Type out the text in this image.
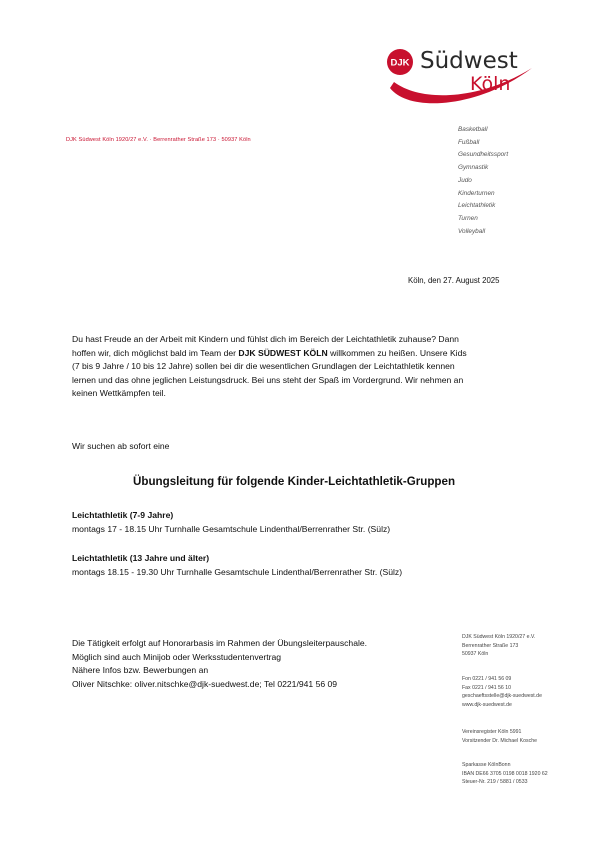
DJK Südwest
Köln
DJK Südwest Köln 1920/27 e.V. · Berrenrather Straße 173 · 50937 Köln
Basketball
Fußball
Gesundheitssport
Gymnastik
Judo
Kinderturnen
Leichtathletik
Turnen
Volleyball
Köln, den 27. August 2025
Du hast Freude an der Arbeit mit Kindern und fühlst dich im Bereich der Leichtathletik zuhause? Dann hoffen wir, dich möglichst bald im Team der DJK SÜDWEST KÖLN willkommen zu heißen. Unsere Kids (7 bis 9 Jahre / 10 bis 12 Jahre) sollen bei dir die wesentlichen Grundlagen der Leichtathletik kennen lernen und das ohne jeglichen Leistungsdruck. Bei uns steht der Spaß im Vordergrund. Wir nehmen an keinen Wettkämpfen teil.
Wir suchen ab sofort eine
Übungsleitung für folgende Kinder-Leichtathletik-Gruppen
Leichtathletik (7-9 Jahre)
montags 17 - 18.15 Uhr Turnhalle Gesamtschule Lindenthal/Berrenrather Str. (Sülz)
Leichtathletik (13 Jahre und älter)
montags 18.15 - 19.30 Uhr Turnhalle Gesamtschule Lindenthal/Berrenrather Str. (Sülz)
Die Tätigkeit erfolgt auf Honorarbasis im Rahmen der Übungsleiterpauschale.
Möglich sind auch Minijob oder Werksstudentenvertrag
Nähere Infos bzw. Bewerbungen an
Oliver Nitschke: oliver.nitschke@djk-suedwest.de; Tel 0221/941 56 09
DJK Südwest Köln 1920/27 e.V.
Berrenrather Straße 173
50937 Köln
Fon 0221 / 941 56 09
Fax 0221 / 941 56 10
geschaeftsstelle@djk-suedwest.de
www.djk-suedwest.de
Vereinsregister Köln 5991
Vorsitzender Dr. Michael Kosche
Sparkasse KölnBonn
IBAN DE66 3705 0198 0018 1920 62
Steuer-Nr. 219 / 5881 / 0533
